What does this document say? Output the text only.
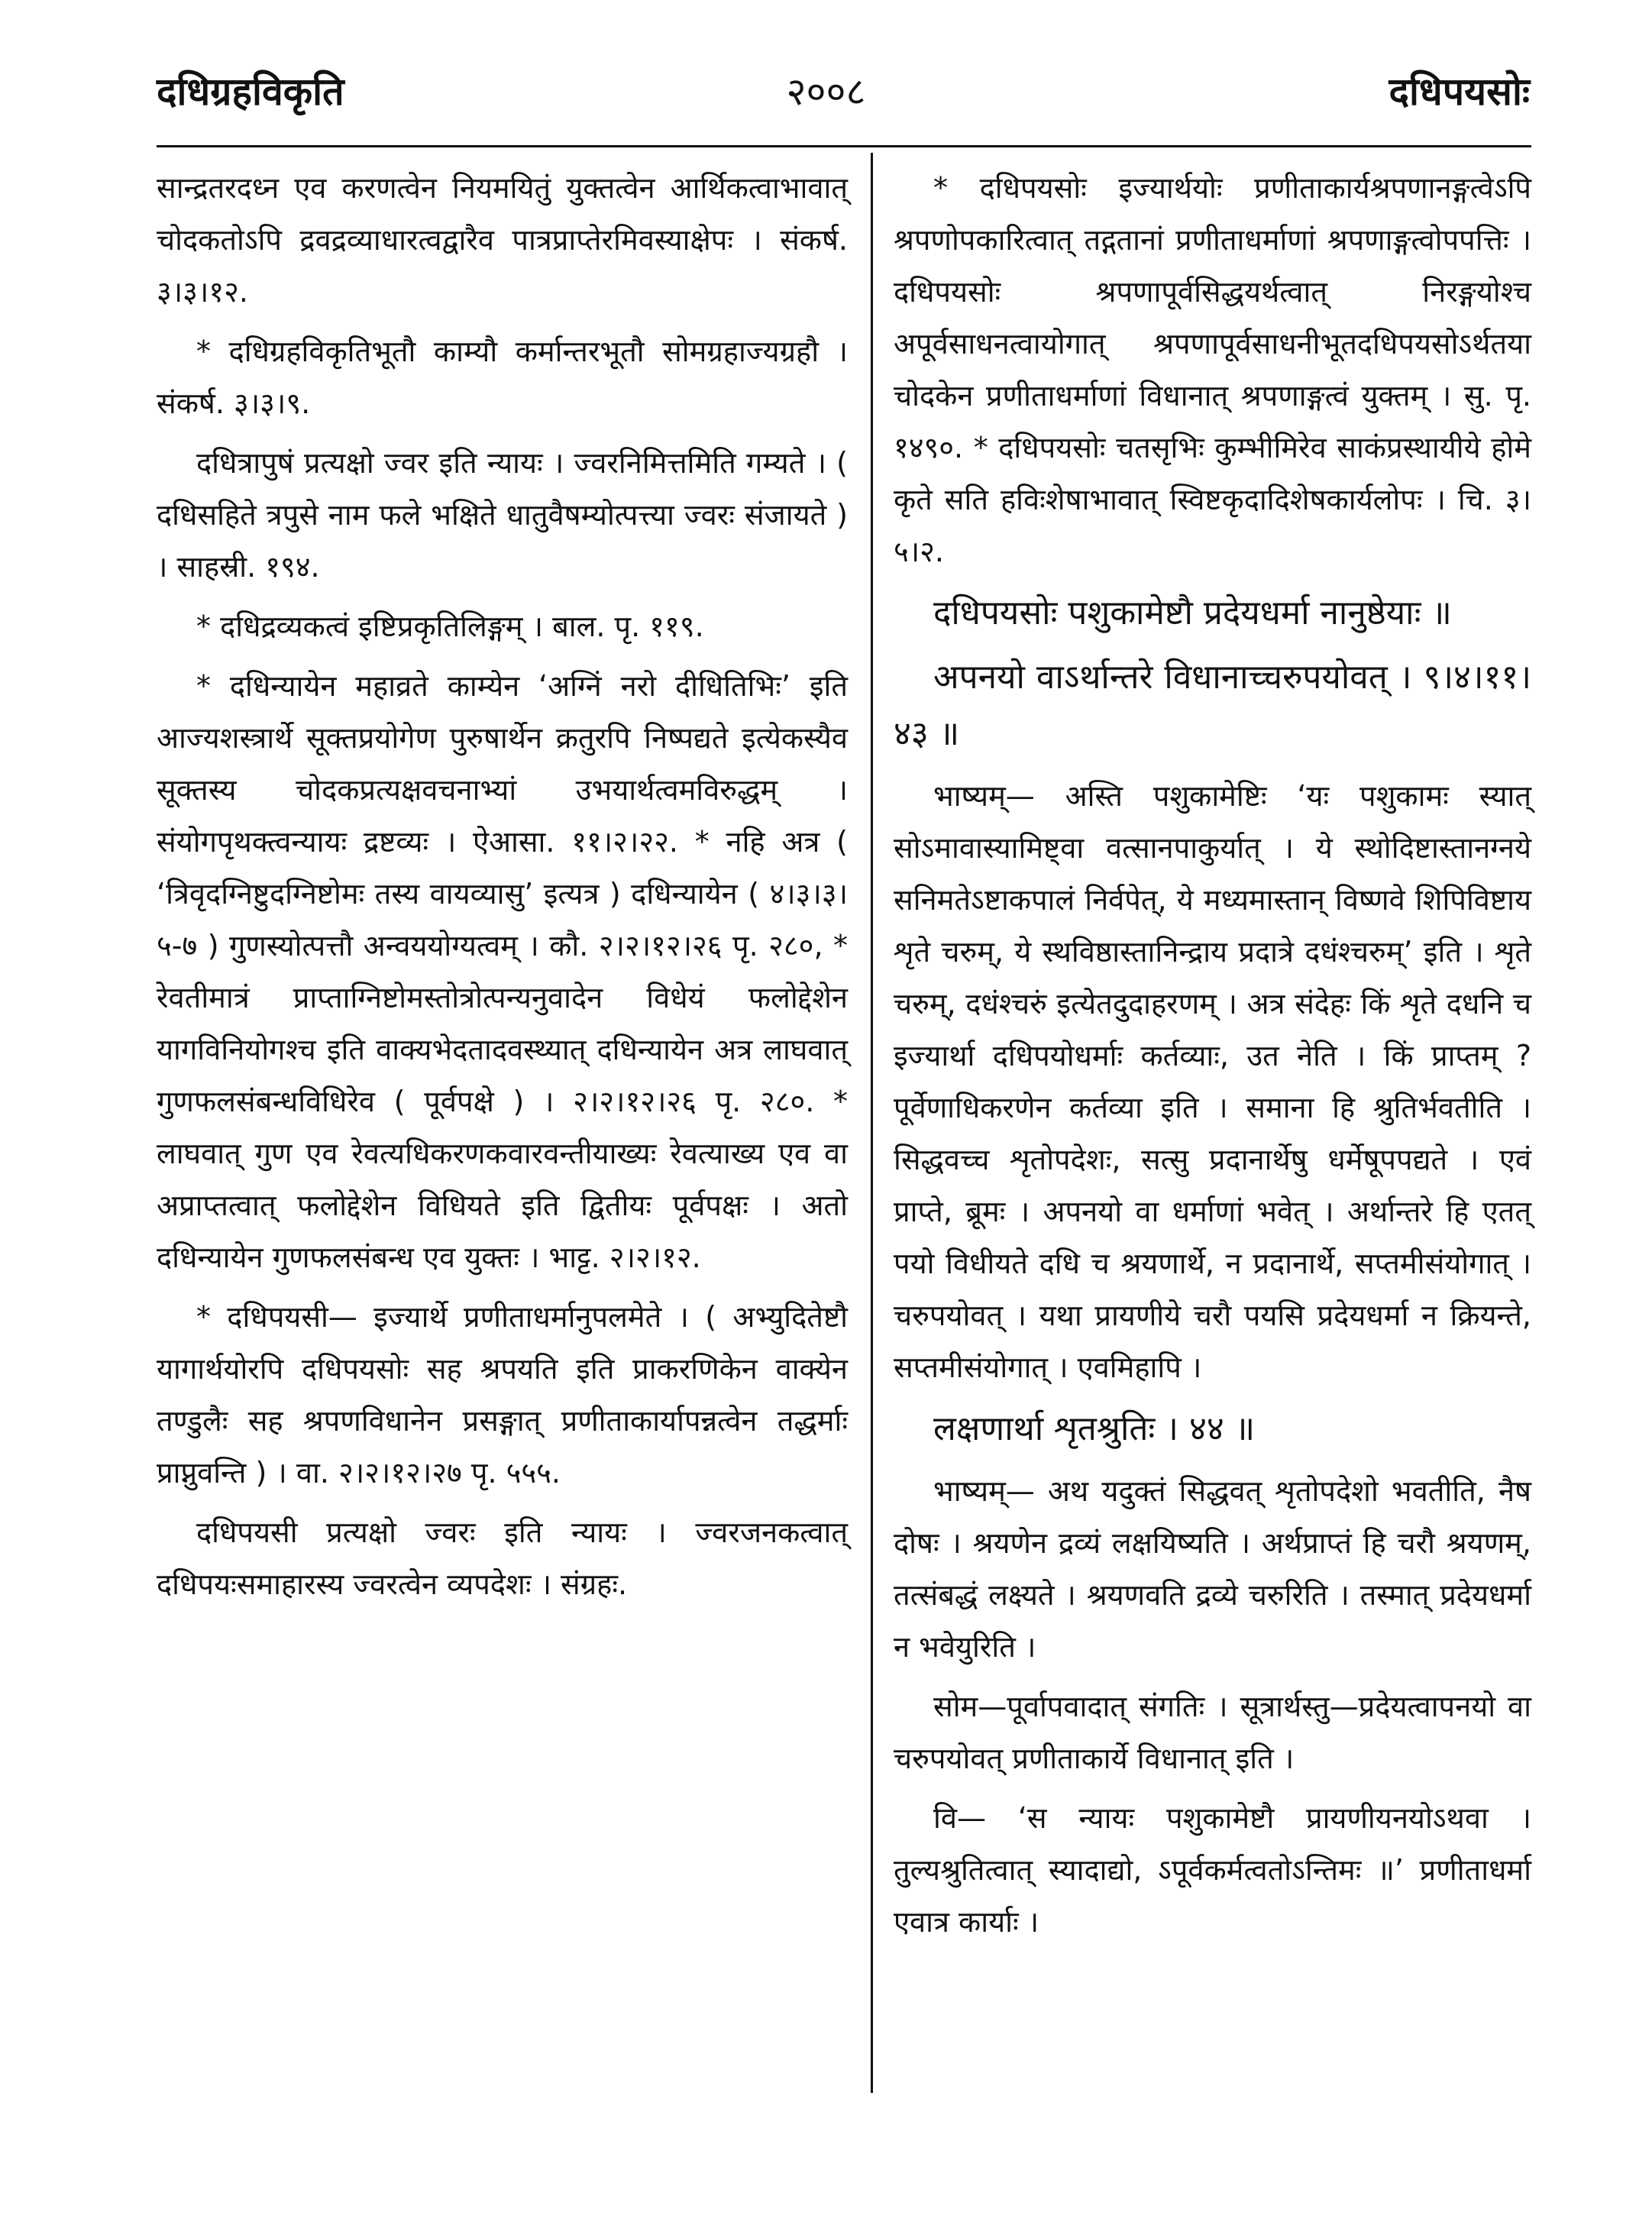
दधिग्रहविकृति	२००८	दधिपयसोः

सान्द्रतरदध्न एव करणत्वेन नियमयितुं युक्तत्वेन आर्थिकत्वाभावात् चोदकतोऽपि द्रवद्रव्याधारत्वद्वारैव पात्रप्राप्तेरमिवस्याक्षेपः । संकर्ष. ३।३।१२.

* दधिग्रहविकृतिभूतौ काम्यौ कर्मान्तरभूतौ सोमग्रहाज्यग्रहौ । संकर्ष. ३।३।९.

दधित्रापुषं प्रत्यक्षो ज्वर इति न्यायः । ज्वरनिमित्तमिति गम्यते । ( दधिसहिते त्रपुसे नाम फले भक्षिते धातुवैषम्योत्पत्त्या ज्वरः संजायते ) । साहस्री. १९४.

* दधिद्रव्यकत्वं इष्टिप्रकृतिलिङ्गम् । बाल. पृ. ११९.

* दधिन्यायेन महाव्रते काम्येन ‘अग्निं नरो दीधितिभिः’ इति आज्यशस्त्रार्थे सूक्तप्रयोगेण पुरुषार्थेन क्रतुरपि निष्पद्यते इत्येकस्यैव सूक्तस्य चोदकप्रत्यक्षवचनाभ्यां उभयार्थत्वमविरुद्धम् । संयोगपृथक्त्वन्यायः द्रष्टव्यः । ऐआसा. ११।२।२२. * नहि अत्र ( ‘त्रिवृदग्निष्टुदग्निष्टोमः तस्य वायव्यासु’ इत्यत्र ) दधिन्यायेन ( ४।३।३।५-७ ) गुणस्योत्पत्तौ अन्वययोग्यत्वम् । कौ. २।२।१२।२६ पृ. २८०, * रेवतीमात्रं प्राप्ताग्निष्टोमस्तोत्रोत्पन्यनुवादेन विधेयं फलोद्देशेन यागविनियोगश्च इति वाक्यभेदतादवस्थ्यात् दधिन्यायेन अत्र लाघवात् गुणफलसंबन्धविधिरेव ( पूर्वपक्षे ) । २।२।१२।२६ पृ. २८०. * लाघवात् गुण एव रेवत्यधिकरणकवारवन्तीयाख्यः रेवत्याख्य एव वा अप्राप्तत्वात् फलोद्देशेन विधियते इति द्वितीयः पूर्वपक्षः । अतो दधिन्यायेन गुणफलसंबन्ध एव युक्तः । भाट्ट. २।२।१२.

* दधिपयसी— इज्यार्थे प्रणीताधर्मानुपलमेते । ( अभ्युदितेष्टौ यागार्थयोरपि दधिपयसोः सह श्रपयति इति प्राकरणिकेन वाक्येन तण्डुलैः सह श्रपणविधानेन प्रसङ्गात् प्रणीताकार्यापन्नत्वेन तद्धर्माः प्राप्नुवन्ति ) । वा. २।२।१२।२७ पृ. ५५५.

दधिपयसी प्रत्यक्षो ज्वरः इति न्यायः । ज्वरजनकत्वात् दधिपयःसमाहारस्य ज्वरत्वेन व्यपदेशः । संग्रहः.

* दधिपयसोः इज्यार्थयोः प्रणीताकार्यश्रपणानङ्गत्वेऽपि श्रपणोपकारित्वात् तद्गतानां प्रणीताधर्माणां श्रपणाङ्गत्वोपपत्तिः । दधिपयसोः श्रपणापूर्वसिद्धयर्थत्वात् निरङ्गयोश्च अपूर्वसाधनत्वायोगात् श्रपणापूर्वसाधनीभूतदधिपयसोऽर्थतया चोदकेन प्रणीताधर्माणां विधानात् श्रपणाङ्गत्वं युक्तम् । सु. पृ. १४९०. * दधिपयसोः चतसृभिः कुम्भीमिरेव साकंप्रस्थायीये होमे कृते सति हविःशेषाभावात् स्विष्टकृदादिशेषकार्यलोपः । चि. ३।५।२.

दधिपयसोः पशुकामेष्टौ प्रदेयधर्मा नानुष्ठेयाः ॥

अपनयो वाऽर्थान्तरे विधानाच्चरुपयोवत् । ९।४।११।४३ ॥

भाष्यम्— अस्ति पशुकामेष्टिः ‘यः पशुकामः स्यात् सोऽमावास्यामिष्ट्वा वत्सानपाकुर्यात् । ये स्थोदिष्टास्तानग्नये सनिमतेऽष्टाकपालं निर्वपेत्, ये मध्यमास्तान् विष्णवे शिपिविष्टाय शृते चरुम्, ये स्थविष्ठास्तानिन्द्राय प्रदात्रे दधंश्चरुम्’ इति । शृते चरुम्, दधंश्चरुं इत्येतदुदाहरणम् । अत्र संदेहः किं शृते दधनि च इज्यार्था दधिपयोधर्माः कर्तव्याः, उत नेति । किं प्राप्तम् ? पूर्वेणाधिकरणेन कर्तव्या इति । समाना हि श्रुतिर्भवतीति । सिद्धवच्च शृतोपदेशः, सत्सु प्रदानार्थेषु धर्मेषूपपद्यते । एवं प्राप्ते, ब्रूमः । अपनयो वा धर्माणां भवेत् । अर्थान्तरे हि एतत् पयो विधीयते दधि च श्रयणार्थे, न प्रदानार्थे, सप्तमीसंयोगात् । चरुपयोवत् । यथा प्रायणीये चरौ पयसि प्रदेयधर्मा न क्रियन्ते, सप्तमीसंयोगात् । एवमिहापि ।

लक्षणार्था शृतश्रुतिः । ४४ ॥

भाष्यम्— अथ यदुक्तं सिद्धवत् शृतोपदेशो भवतीति, नैष दोषः । श्रयणेन द्रव्यं लक्षयिष्यति । अर्थप्राप्तं हि चरौ श्रयणम्, तत्संबद्धं लक्ष्यते । श्रयणवति द्रव्ये चरुरिति । तस्मात् प्रदेयधर्मा न भवेयुरिति ।

सोम—पूर्वापवादात् संगतिः । सूत्रार्थस्तु—प्रदेयत्वापनयो वा चरुपयोवत् प्रणीताकार्ये विधानात् इति ।

वि— ‘स न्यायः पशुकामेष्टौ प्रायणीयनयोऽथवा । तुल्यश्रुतित्वात् स्यादाद्यो, ऽपूर्वकर्मत्वतोऽन्तिमः ॥’ प्रणीताधर्मा एवात्र कार्याः ।
